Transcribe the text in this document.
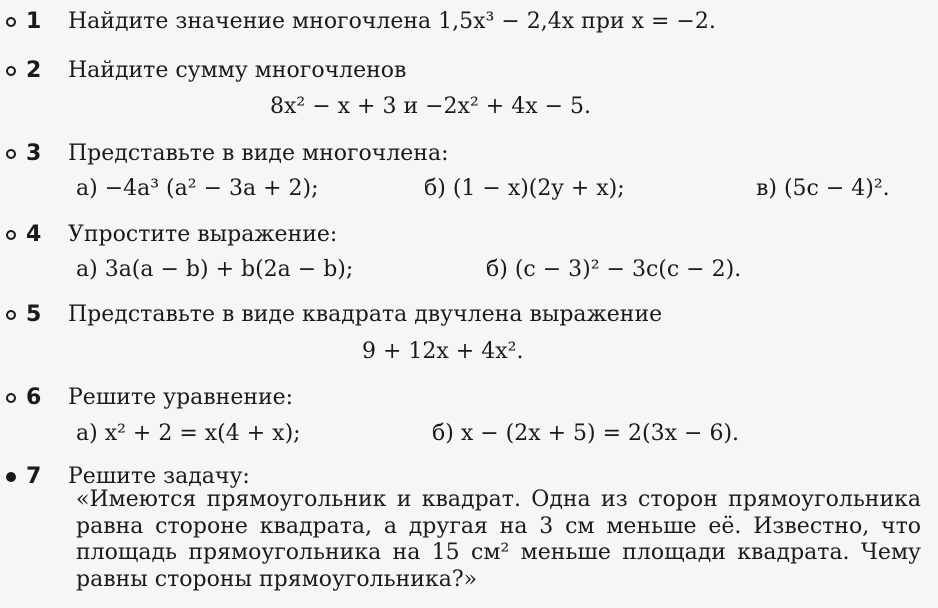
1 Найдите значение многочлена 1,5x³ − 2,4x при x = −2.
2 Найдите сумму многочленов
8x² − x + 3 и −2x² + 4x − 5.
3 Представьте в виде многочлена:
а) −4a³ (a² − 3a + 2);	б) (1 − x)(2y + x);	в) (5c − 4)².
4 Упростите выражение:
а) 3a(a − b) + b(2a − b);	б) (c − 3)² − 3c(c − 2).
5 Представьте в виде квадрата двучлена выражение
9 + 12x + 4x².
6 Решите уравнение:
а) x² + 2 = x(4 + x);	б) x − (2x + 5) = 2(3x − 6).
7 Решите задачу:
«Имеются прямоугольник и квадрат. Одна из сторон прямоугольника равна стороне квадрата, а другая на 3 см меньше её. Известно, что площадь прямоугольника на 15 см² меньше площади квадрата. Чему равны стороны прямоугольника?»
